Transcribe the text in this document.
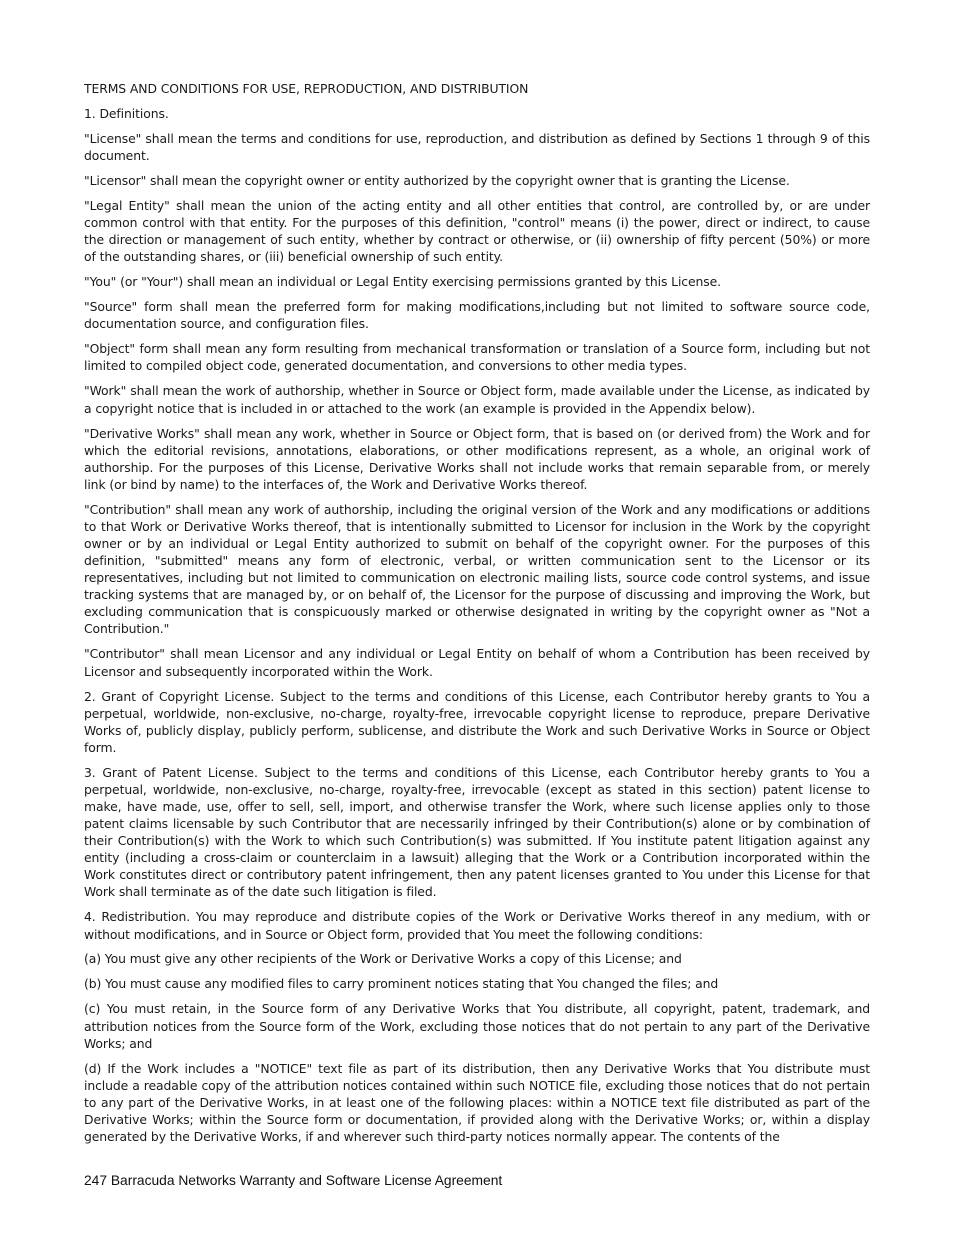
TERMS AND CONDITIONS FOR USE, REPRODUCTION, AND DISTRIBUTION

1. Definitions.

"License" shall mean the terms and conditions for use, reproduction, and distribution as defined by Sections 1 through 9 of this document.

"Licensor" shall mean the copyright owner or entity authorized by the copyright owner that is granting the License.

"Legal Entity" shall mean the union of the acting entity and all other entities that control, are controlled by, or are under common control with that entity. For the purposes of this definition, "control" means (i) the power, direct or indirect, to cause the direction or management of such entity, whether by contract or otherwise, or (ii) ownership of fifty percent (50%) or more of the outstanding shares, or (iii) beneficial ownership of such entity.

"You" (or "Your") shall mean an individual or Legal Entity exercising permissions granted by this License.

"Source" form shall mean the preferred form for making modifications,including but not limited to software source code, documentation source, and configuration files.

"Object" form shall mean any form resulting from mechanical transformation or translation of a Source form, including but not limited to compiled object code, generated documentation, and conversions to other media types.

"Work" shall mean the work of authorship, whether in Source or Object form, made available under the License, as indicated by a copyright notice that is included in or attached to the work (an example is provided in the Appendix below).

"Derivative Works" shall mean any work, whether in Source or Object form, that is based on (or derived from) the Work and for which the editorial revisions, annotations, elaborations, or other modifications represent, as a whole, an original work of authorship. For the purposes of this License, Derivative Works shall not include works that remain separable from, or merely link (or bind by name) to the interfaces of, the Work and Derivative Works thereof.

"Contribution" shall mean any work of authorship, including the original version of the Work and any modifications or additions to that Work or Derivative Works thereof, that is intentionally submitted to Licensor for inclusion in the Work by the copyright owner or by an individual or Legal Entity authorized to submit on behalf of the copyright owner. For the purposes of this definition, "submitted" means any form of electronic, verbal, or written communication sent to the Licensor or its representatives, including but not limited to communication on electronic mailing lists, source code control systems, and issue tracking systems that are managed by, or on behalf of, the Licensor for the purpose of discussing and improving the Work, but excluding communication that is conspicuously marked or otherwise designated in writing by the copyright owner as "Not a Contribution."

"Contributor" shall mean Licensor and any individual or Legal Entity on behalf of whom a Contribution has been received by Licensor and subsequently incorporated within the Work.

2. Grant of Copyright License. Subject to the terms and conditions of this License, each Contributor hereby grants to You a perpetual, worldwide, non-exclusive, no-charge, royalty-free, irrevocable copyright license to reproduce, prepare Derivative Works of, publicly display, publicly perform, sublicense, and distribute the Work and such Derivative Works in Source or Object form.

3. Grant of Patent License. Subject to the terms and conditions of this License, each Contributor hereby grants to You a perpetual, worldwide, non-exclusive, no-charge, royalty-free, irrevocable (except as stated in this section) patent license to make, have made, use, offer to sell, sell, import, and otherwise transfer the Work, where such license applies only to those patent claims licensable by such Contributor that are necessarily infringed by their Contribution(s) alone or by combination of their Contribution(s) with the Work to which such Contribution(s) was submitted. If You institute patent litigation against any entity (including a cross-claim or counterclaim in a lawsuit) alleging that the Work or a Contribution incorporated within the Work constitutes direct or contributory patent infringement, then any patent licenses granted to You under this License for that Work shall terminate as of the date such litigation is filed.

4. Redistribution. You may reproduce and distribute copies of the Work or Derivative Works thereof in any medium, with or without modifications, and in Source or Object form, provided that You meet the following conditions:

(a) You must give any other recipients of the Work or Derivative Works a copy of this License; and

(b) You must cause any modified files to carry prominent notices stating that You changed the files; and

(c) You must retain, in the Source form of any Derivative Works that You distribute, all copyright, patent, trademark, and attribution notices from the Source form of the Work, excluding those notices that do not pertain to any part of the Derivative Works; and

(d) If the Work includes a "NOTICE" text file as part of its distribution, then any Derivative Works that You distribute must include a readable copy of the attribution notices contained within such NOTICE file, excluding those notices that do not pertain to any part of the Derivative Works, in at least one of the following places: within a NOTICE text file distributed as part of the Derivative Works; within the Source form or documentation, if provided along with the Derivative Works; or, within a display generated by the Derivative Works, if and wherever such third-party notices normally appear. The contents of the

247 Barracuda Networks Warranty and Software License Agreement
